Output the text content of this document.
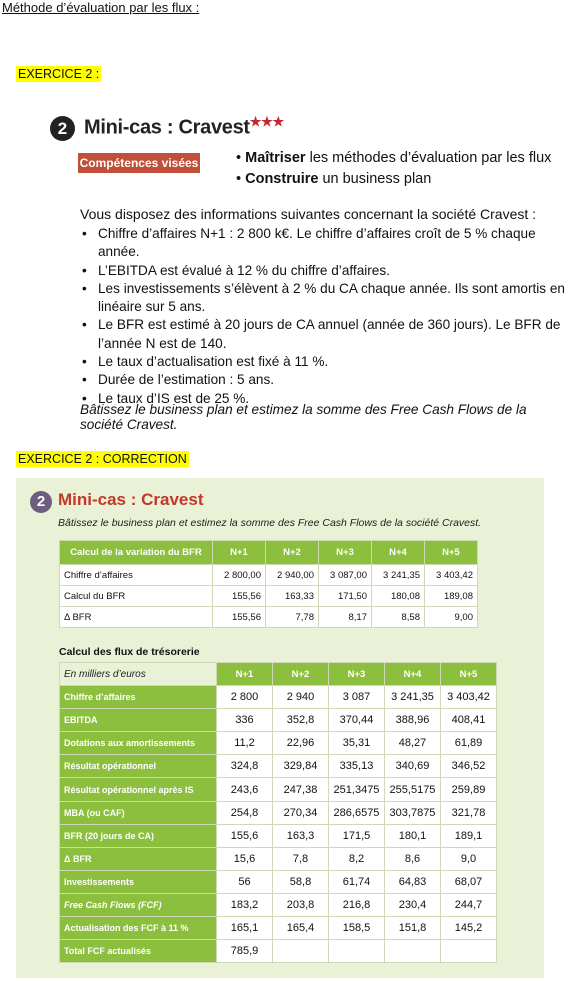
Méthode d’évaluation par les flux :
EXERCICE 2 :
2 Mini-cas : Cravest★★★
Compétences visées	• Maîtriser les méthodes d’évaluation par les flux
• Construire un business plan
Vous disposez des informations suivantes concernant la société Cravest :
• Chiffre d’affaires N+1 : 2 800 k€. Le chiffre d’affaires croît de 5 % chaque année.
• L’EBITDA est évalué à 12 % du chiffre d’affaires.
• Les investissements s’élèvent à 2 % du CA chaque année. Ils sont amortis en linéaire sur 5 ans.
• Le BFR est estimé à 20 jours de CA annuel (année de 360 jours). Le BFR de l’année N est de 140.
• Le taux d’actualisation est fixé à 11 %.
• Durée de l’estimation : 5 ans.
• Le taux d’IS est de 25 %.
Bâtissez le business plan et estimez la somme des Free Cash Flows de la société Cravest.
EXERCICE 2 : CORRECTION
2 Mini-cas : Cravest
Bâtissez le business plan et estimez la somme des Free Cash Flows de la société Cravest.
Calcul de la variation du BFR	N+1	N+2	N+3	N+4	N+5
Chiffre d’affaires	2 800,00	2 940,00	3 087,00	3 241,35	3 403,42
Calcul du BFR	155,56	163,33	171,50	180,08	189,08
Δ BFR	155,56	7,78	8,17	8,58	9,00
Calcul des flux de trésorerie
En milliers d’euros	N+1	N+2	N+3	N+4	N+5
Chiffre d’affaires	2 800	2 940	3 087	3 241,35	3 403,42
EBITDA	336	352,8	370,44	388,96	408,41
Dotations aux amortissements	11,2	22,96	35,31	48,27	61,89
Résultat opérationnel	324,8	329,84	335,13	340,69	346,52
Résultat opérationnel après IS	243,6	247,38	251,3475	255,5175	259,89
MBA (ou CAF)	254,8	270,34	286,6575	303,7875	321,78
BFR (20 jours de CA)	155,6	163,3	171,5	180,1	189,1
Δ BFR	15,6	7,8	8,2	8,6	9,0
Investissements	56	58,8	61,74	64,83	68,07
Free Cash Flows (FCF)	183,2	203,8	216,8	230,4	244,7
Actualisation des FCF à 11 %	165,1	165,4	158,5	151,8	145,2
Total FCF actualisés	785,9				
